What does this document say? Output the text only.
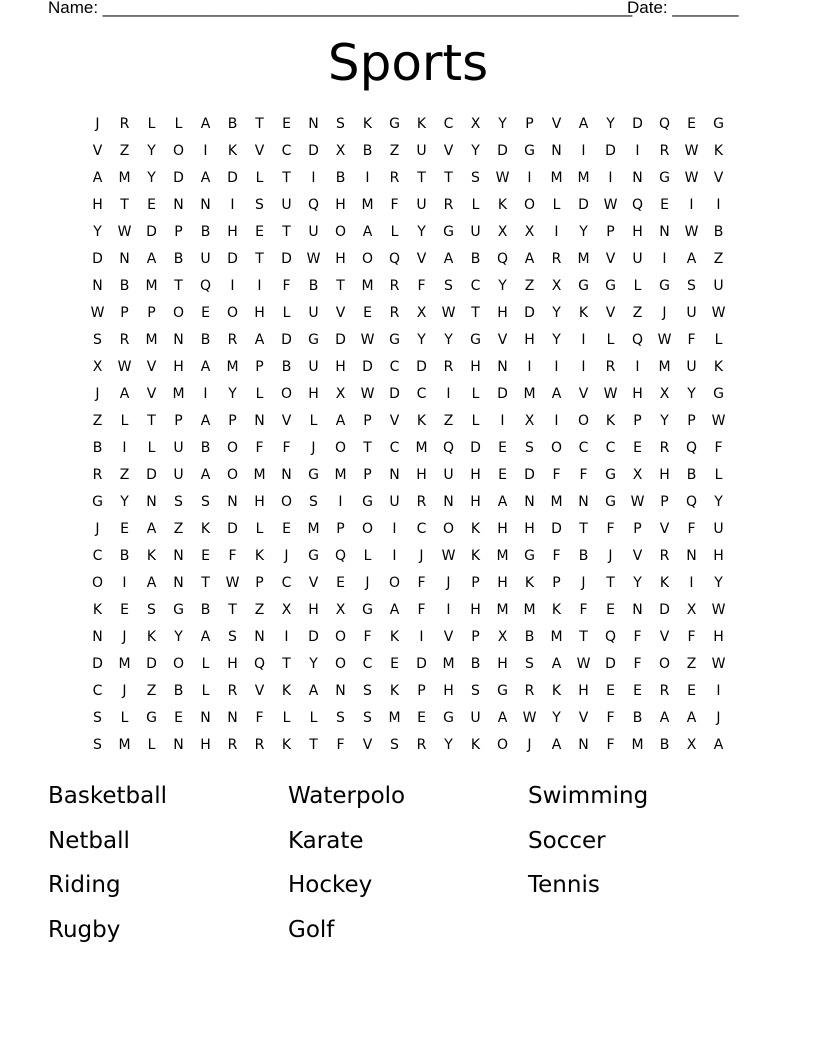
Name: ________________________________________________________
Date: _______
Sports
J	R	L	L	A	B	T	E	N	S	K	G	K	C	X	Y	P	V	A	Y	D	Q	E	G
V	Z	Y	O	I	K	V	C	D	X	B	Z	U	V	Y	D	G	N	I	D	I	R	W	K
A	M	Y	D	A	D	L	T	I	B	I	R	T	T	S	W	I	M	M	I	N	G	W	V
H	T	E	N	N	I	S	U	Q	H	M	F	U	R	L	K	O	L	D	W	Q	E	I	I
Y	W	D	P	B	H	E	T	U	O	A	L	Y	G	U	X	X	I	Y	P	H	N	W	B
D	N	A	B	U	D	T	D	W	H	O	Q	V	A	B	Q	A	R	M	V	U	I	A	Z
N	B	M	T	Q	I	I	F	B	T	M	R	F	S	C	Y	Z	X	G	G	L	G	S	U
W	P	P	O	E	O	H	L	U	V	E	R	X	W	T	H	D	Y	K	V	Z	J	U	W
S	R	M	N	B	R	A	D	G	D	W	G	Y	Y	G	V	H	Y	I	L	Q	W	F	L
X	W	V	H	A	M	P	B	U	H	D	C	D	R	H	N	I	I	I	R	I	M	U	K
J	A	V	M	I	Y	L	O	H	X	W	D	C	I	L	D	M	A	V	W	H	X	Y	G
Z	L	T	P	A	P	N	V	L	A	P	V	K	Z	L	I	X	I	O	K	P	Y	P	W
B	I	L	U	B	O	F	F	J	O	T	C	M	Q	D	E	S	O	C	C	E	R	Q	F
R	Z	D	U	A	O	M	N	G	M	P	N	H	U	H	E	D	F	F	G	X	H	B	L
G	Y	N	S	S	N	H	O	S	I	G	U	R	N	H	A	N	M	N	G	W	P	Q	Y
J	E	A	Z	K	D	L	E	M	P	O	I	C	O	K	H	H	D	T	F	P	V	F	U
C	B	K	N	E	F	K	J	G	Q	L	I	J	W	K	M	G	F	B	J	V	R	N	H
O	I	A	N	T	W	P	C	V	E	J	O	F	J	P	H	K	P	J	T	Y	K	I	Y
K	E	S	G	B	T	Z	X	H	X	G	A	F	I	H	M	M	K	F	E	N	D	X	W
N	J	K	Y	A	S	N	I	D	O	F	K	I	V	P	X	B	M	T	Q	F	V	F	H
D	M	D	O	L	H	Q	T	Y	O	C	E	D	M	B	H	S	A	W	D	F	O	Z	W
C	J	Z	B	L	R	V	K	A	N	S	K	P	H	S	G	R	K	H	E	E	R	E	I
S	L	G	E	N	N	F	L	L	S	S	M	E	G	U	A	W	Y	V	F	B	A	A	J
S	M	L	N	H	R	R	K	T	F	V	S	R	Y	K	O	J	A	N	F	M	B	X	A
Basketball	Waterpolo	Swimming
Netball	Karate	Soccer
Riding	Hockey	Tennis
Rugby	Golf
